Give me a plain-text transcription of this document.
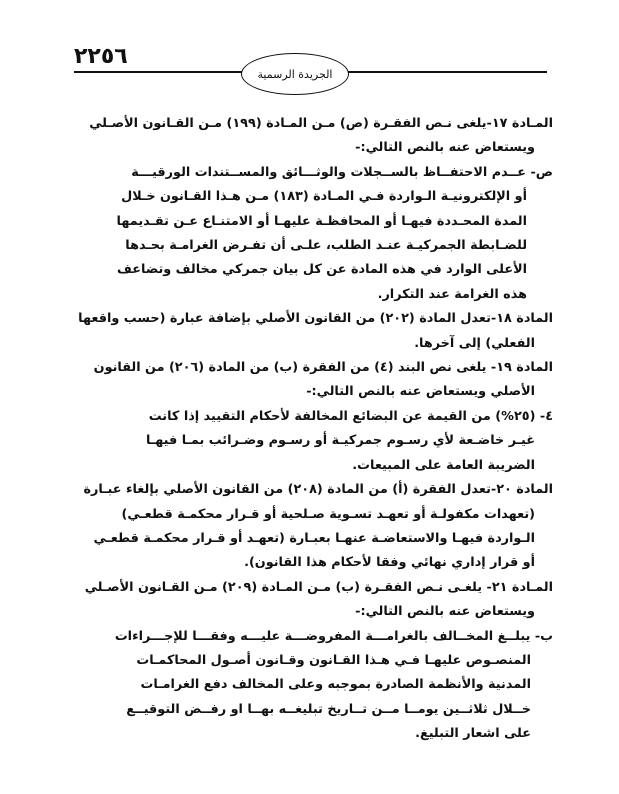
٢٢٥٦
الجريدة الرسمية
المـادة ١٧-يلغى نـص الفقـرة (ص) مـن المـادة (١٩٩) مـن القـانون الأصـلي
ويستعاض عنه بالنص التالي:-
ص- عــدم الاحتفــاظ بالســجلات والوثـــائق والمســتندات الورقيـــة
أو الإلكترونيـة الـواردة فـي المـادة (١٨٣) مـن هـذا القـانون خـلال
المدة المحـددة فيهـا أو المحافظـة عليهـا أو الامتنـاع عـن تقـديمها
للضـابطة الجمركيـة عنـد الطلب، علـى أن تفـرض الغرامـة بحـدها
الأعلى الوارد في هذه المادة عن كل بيان جمركي مخالف وتضاعف
هذه الغرامة عند التكرار.
المادة ١٨-تعدل المادة (٢٠٢) من القانون الأصلي بإضافة عبارة (حسب واقعها
الفعلي) إلى آخرها.
المادة ١٩- يلغى نص البند (٤) من الفقرة (ب) من المادة (٢٠٦) من القانون
الأصلي ويستعاض عنه بالنص التالي:-
٤- (٢٥%) من القيمة عن البضائع المخالفة لأحكام التقييد إذا كانت
غيـر خاضـعة لأي رسـوم جمركيـة أو رسـوم وضـرائب بمـا فيهـا
الضريبة العامة على المبيعات.
المادة ٢٠-تعدل الفقرة (أ) من المادة (٢٠٨) من القانون الأصلي بإلغاء عبـارة
(تعهدات مكفولـة أو تعهـد تسـوية صـلحية أو قـرار محكمـة قطعـي)
الـواردة فيهـا والاستعاضـة عنهـا بعبـارة (تعهـد أو قـرار محكمـة قطعـي
أو قرار إداري نهائي وفقا لأحكام هذا القانون).
المـادة ٢١- يلغـى نـص الفقـرة (ب) مـن المـادة (٢٠٩) مـن القـانون الأصـلي
ويستعاض عنه بالنص التالي:-
ب- يبلــغ المخــالف بالغرامـــة المفروضـــة عليـــه وفقـــا للإجـــراءات
المنصـوص عليهـا فـي هـذا القـانون وقـانون أصـول المحاكمـات
المدنية والأنظمة الصادرة بموجبه وعلى المخالف دفع الغرامـات
خــلال ثلاثــين يومــا مــن تــاريخ تبليغــه بهــا او رفــض التوقيــع
على اشعار التبليغ.
